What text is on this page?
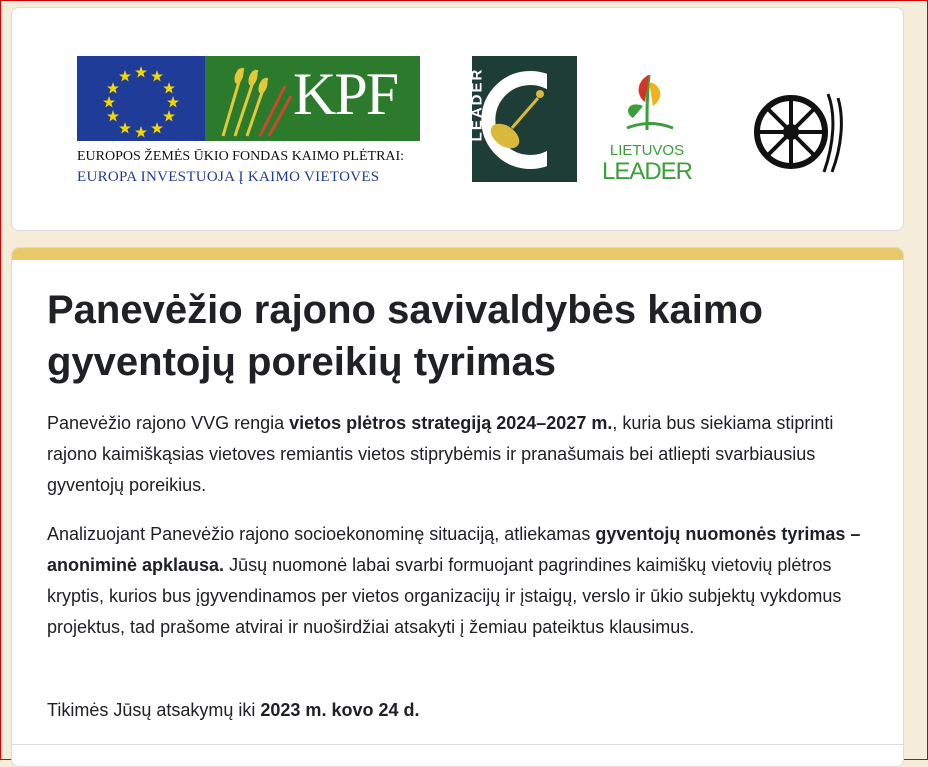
KPF
EUROPOS ŽEMĖS ŪKIO FONDAS KAIMO PLĖTRAI:
EUROPA INVESTUOJA Į KAIMO VIETOVES
LEADER
LIETUVOS
LEADER
Panevėžio rajono savivaldybės kaimo gyventojų poreikių tyrimas

Panevėžio rajono VVG rengia vietos plėtros strategiją 2024–2027 m., kuria bus siekiama stiprinti rajono kaimiškąsias vietoves remiantis vietos stiprybėmis ir pranašumais bei atliepti svarbiausius gyventojų poreikius.

Analizuojant Panevėžio rajono socioekonominę situaciją, atliekamas gyventojų nuomonės tyrimas – anoniminė apklausa. Jūsų nuomonė labai svarbi formuojant pagrindines kaimiškų vietovių plėtros kryptis, kurios bus įgyvendinamos per vietos organizacijų ir įstaigų, verslo ir ūkio subjektų vykdomus projektus, tad prašome atvirai ir nuoširdžiai atsakyti į žemiau pateiktus klausimus.

Tikimės Jūsų atsakymų iki 2023 m. kovo 24 d.
